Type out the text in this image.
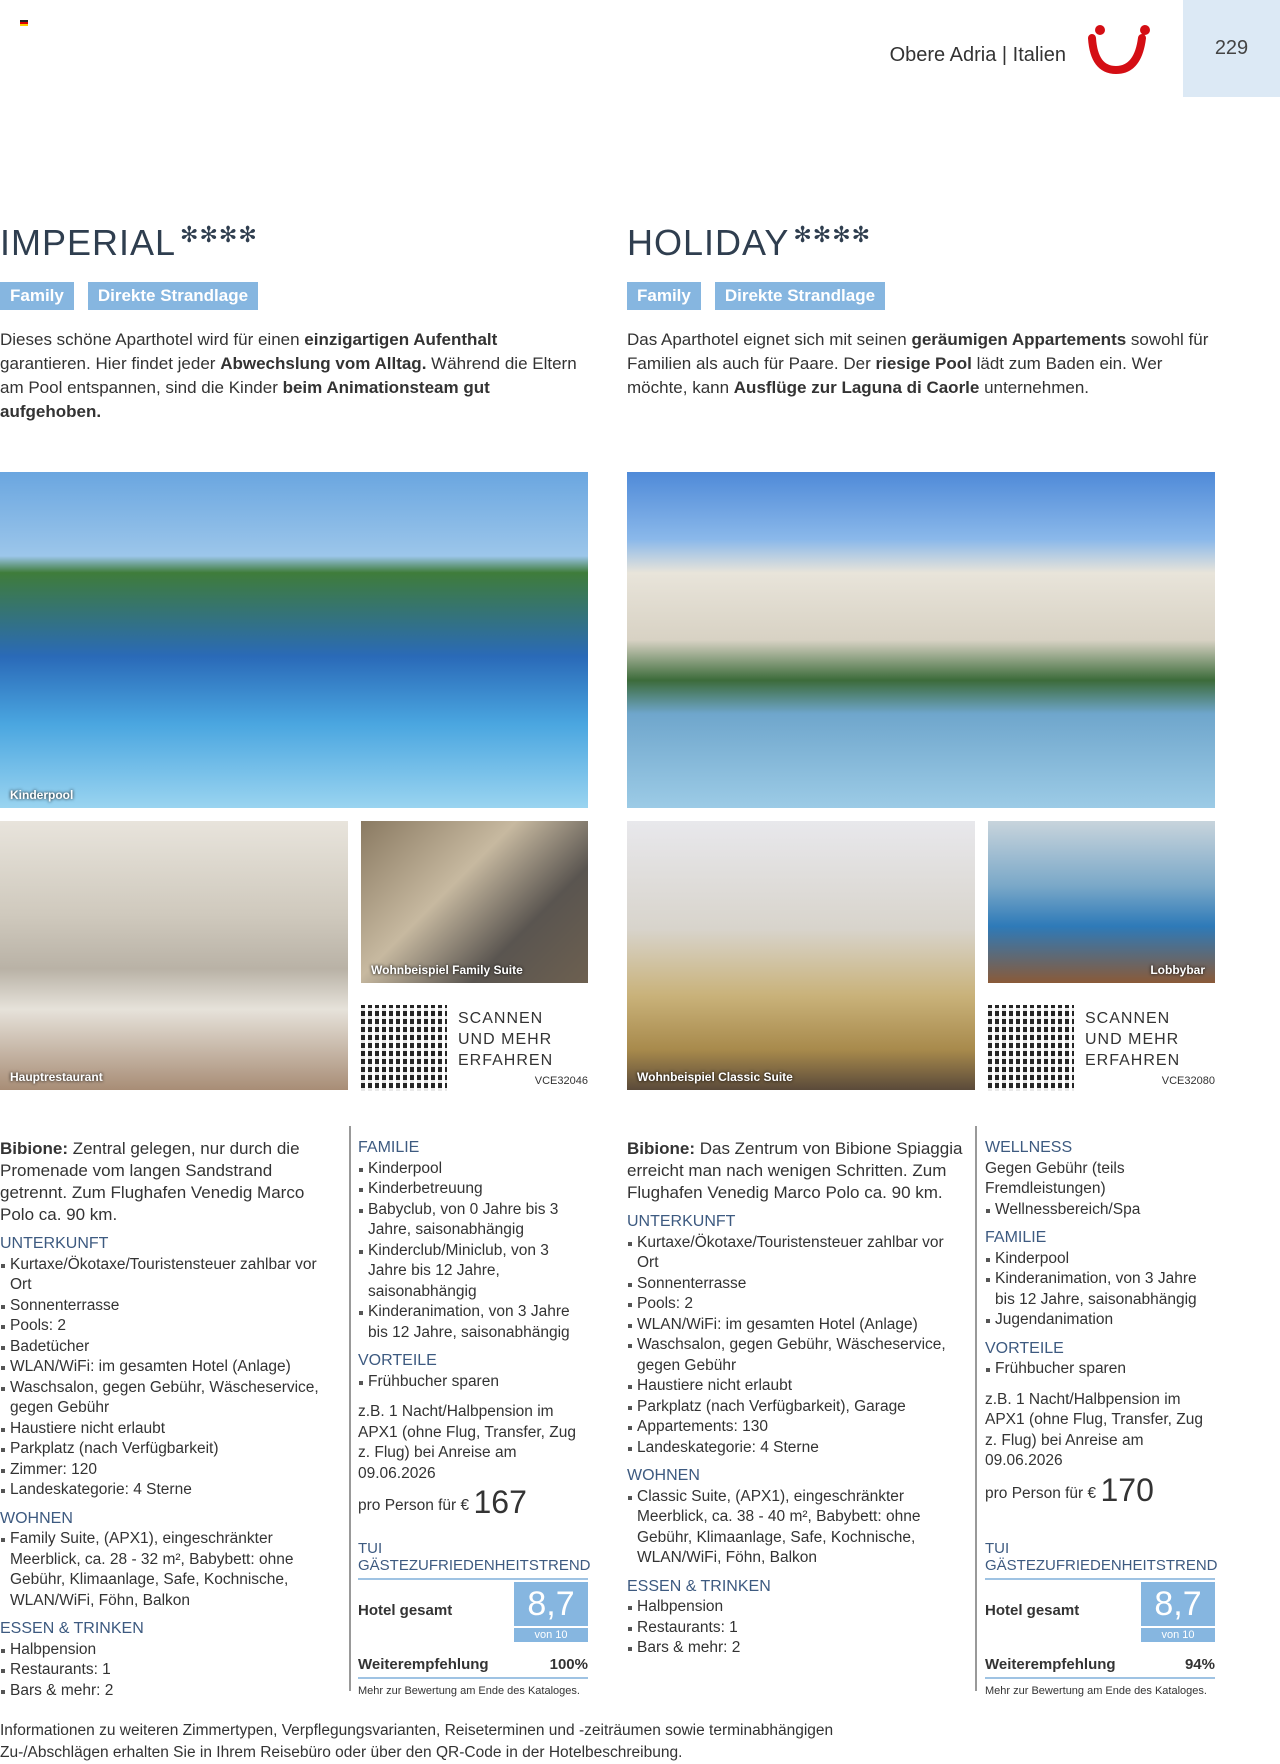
Obere Adria | Italien	229
IMPERIAL ✻✻✻✻
Family	Direkte Strandlage
Dieses schöne Aparthotel wird für einen einzigartigen Aufenthalt garantieren. Hier findet jeder Abwechslung vom Alltag. Während die Eltern am Pool entspannen, sind die Kinder beim Animationsteam gut aufgehoben.
Kinderpool
Hauptrestaurant
Wohnbeispiel Family Suite
SCANNEN
UND MEHR
ERFAHREN
VCE32046

Bibione: Zentral gelegen, nur durch die Promenade vom langen Sandstrand getrennt. Zum Flughafen Venedig Marco Polo ca. 90 km.

UNTERKUNFT
Kurtaxe/Ökotaxe/Touristensteuer zahlbar vor Ort
Sonnenterrasse
Pools: 2
Badetücher
WLAN/WiFi: im gesamten Hotel (Anlage)
Waschsalon, gegen Gebühr, Wäscheservice, gegen Gebühr
Haustiere nicht erlaubt
Parkplatz (nach Verfügbarkeit)
Zimmer: 120
Landeskategorie: 4 Sterne
WOHNEN
Family Suite, (APX1), eingeschränkter Meerblick, ca. 28 - 32 m², Babybett: ohne Gebühr, Klimaanlage, Safe, Kochnische, WLAN/WiFi, Föhn, Balkon
ESSEN & TRINKEN
Halbpension
Restaurants: 1
Bars & mehr: 2
FAMILIE
Kinderpool
Kinderbetreuung
Babyclub, von 0 Jahre bis 3 Jahre, saisonabhängig
Kinderclub/Miniclub, von 3 Jahre bis 12 Jahre, saisonabhängig
Kinderanimation, von 3 Jahre bis 12 Jahre, saisonabhängig
VORTEILE
Frühbucher sparen

z.B. 1 Nacht/Halbpension im APX1 (ohne Flug, Transfer, Zug z. Flug) bei Anreise am 09.06.2026

pro Person für € 167

TUI GÄSTEZUFRIEDENHEITSTREND
Hotel gesamt	8,7
von 10
Weiterempfehlung	100%
Mehr zur Bewertung am Ende des Kataloges.
HOLIDAY ✻✻✻✻
Family	Direkte Strandlage
Das Aparthotel eignet sich mit seinen geräumigen Appartements sowohl für Familien als auch für Paare. Der riesige Pool lädt zum Baden ein. Wer möchte, kann Ausflüge zur Laguna di Caorle unternehmen.
Wohnbeispiel Classic Suite
Lobbybar
SCANNEN
UND MEHR
ERFAHREN
VCE32080

Bibione: Das Zentrum von Bibione Spiaggia erreicht man nach wenigen Schritten. Zum Flughafen Venedig Marco Polo ca. 90 km.

UNTERKUNFT
Kurtaxe/Ökotaxe/Touristensteuer zahlbar vor Ort
Sonnenterrasse
Pools: 2
WLAN/WiFi: im gesamten Hotel (Anlage)
Waschsalon, gegen Gebühr, Wäscheservice, gegen Gebühr
Haustiere nicht erlaubt
Parkplatz (nach Verfügbarkeit), Garage
Appartements: 130
Landeskategorie: 4 Sterne
WOHNEN
Classic Suite, (APX1), eingeschränkter Meerblick, ca. 38 - 40 m², Babybett: ohne Gebühr, Klimaanlage, Safe, Kochnische, WLAN/WiFi, Föhn, Balkon
ESSEN & TRINKEN
Halbpension
Restaurants: 1
Bars & mehr: 2
WELLNESS

Gegen Gebühr (teils Fremdleistungen)

Wellnessbereich/Spa
FAMILIE
Kinderpool
Kinderanimation, von 3 Jahre bis 12 Jahre, saisonabhängig
Jugendanimation
VORTEILE
Frühbucher sparen

z.B. 1 Nacht/Halbpension im APX1 (ohne Flug, Transfer, Zug z. Flug) bei Anreise am 09.06.2026

pro Person für € 170

TUI GÄSTEZUFRIEDENHEITSTREND
Hotel gesamt	8,7
von 10
Weiterempfehlung	94%
Mehr zur Bewertung am Ende des Kataloges.
Informationen zu weiteren Zimmertypen, Verpflegungsvarianten, Reiseterminen und -zeiträumen sowie terminabhängigen Zu-/Abschlägen erhalten Sie in Ihrem Reisebüro oder über den QR-Code in der Hotelbeschreibung.
